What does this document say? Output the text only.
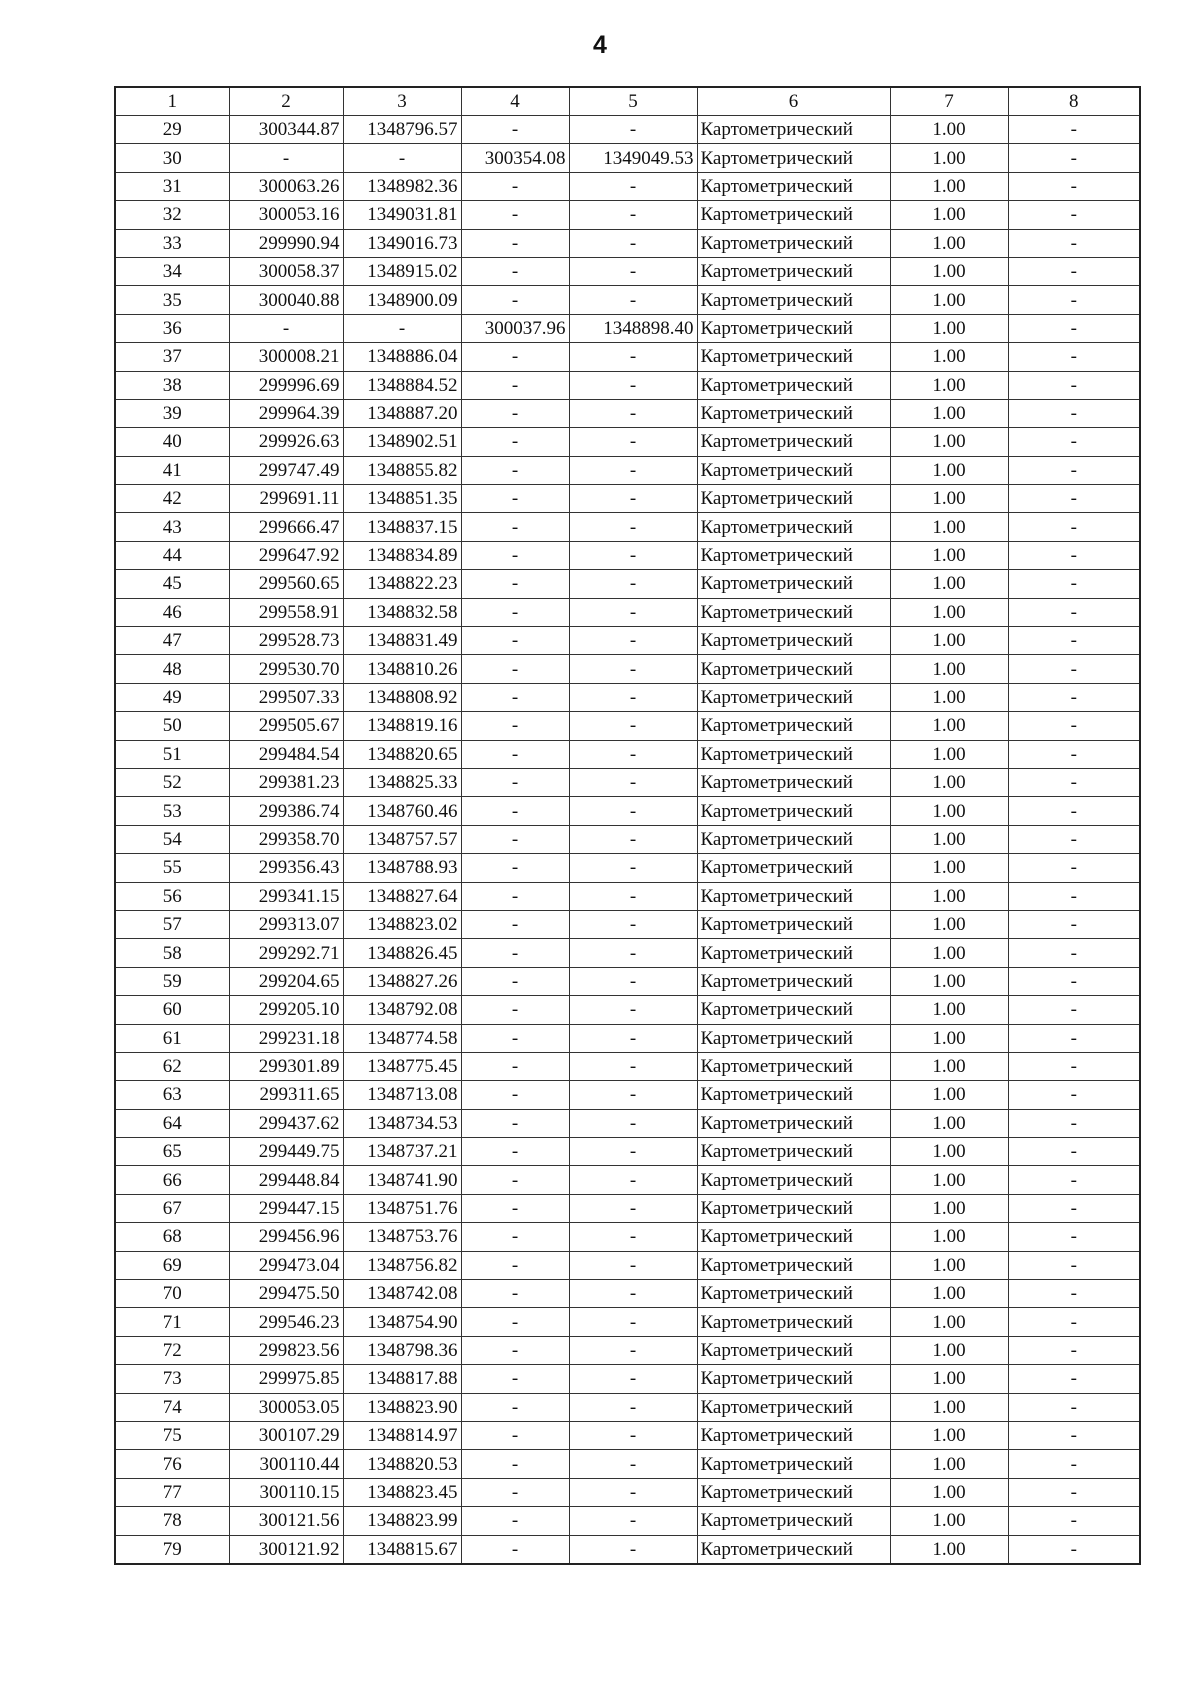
4
1	2	3	4	5	6	7	8
29	300344.87	1348796.57	-	-	Картометрический	1.00	-
30	-	-	300354.08	1349049.53	Картометрический	1.00	-
31	300063.26	1348982.36	-	-	Картометрический	1.00	-
32	300053.16	1349031.81	-	-	Картометрический	1.00	-
33	299990.94	1349016.73	-	-	Картометрический	1.00	-
34	300058.37	1348915.02	-	-	Картометрический	1.00	-
35	300040.88	1348900.09	-	-	Картометрический	1.00	-
36	-	-	300037.96	1348898.40	Картометрический	1.00	-
37	300008.21	1348886.04	-	-	Картометрический	1.00	-
38	299996.69	1348884.52	-	-	Картометрический	1.00	-
39	299964.39	1348887.20	-	-	Картометрический	1.00	-
40	299926.63	1348902.51	-	-	Картометрический	1.00	-
41	299747.49	1348855.82	-	-	Картометрический	1.00	-
42	299691.11	1348851.35	-	-	Картометрический	1.00	-
43	299666.47	1348837.15	-	-	Картометрический	1.00	-
44	299647.92	1348834.89	-	-	Картометрический	1.00	-
45	299560.65	1348822.23	-	-	Картометрический	1.00	-
46	299558.91	1348832.58	-	-	Картометрический	1.00	-
47	299528.73	1348831.49	-	-	Картометрический	1.00	-
48	299530.70	1348810.26	-	-	Картометрический	1.00	-
49	299507.33	1348808.92	-	-	Картометрический	1.00	-
50	299505.67	1348819.16	-	-	Картометрический	1.00	-
51	299484.54	1348820.65	-	-	Картометрический	1.00	-
52	299381.23	1348825.33	-	-	Картометрический	1.00	-
53	299386.74	1348760.46	-	-	Картометрический	1.00	-
54	299358.70	1348757.57	-	-	Картометрический	1.00	-
55	299356.43	1348788.93	-	-	Картометрический	1.00	-
56	299341.15	1348827.64	-	-	Картометрический	1.00	-
57	299313.07	1348823.02	-	-	Картометрический	1.00	-
58	299292.71	1348826.45	-	-	Картометрический	1.00	-
59	299204.65	1348827.26	-	-	Картометрический	1.00	-
60	299205.10	1348792.08	-	-	Картометрический	1.00	-
61	299231.18	1348774.58	-	-	Картометрический	1.00	-
62	299301.89	1348775.45	-	-	Картометрический	1.00	-
63	299311.65	1348713.08	-	-	Картометрический	1.00	-
64	299437.62	1348734.53	-	-	Картометрический	1.00	-
65	299449.75	1348737.21	-	-	Картометрический	1.00	-
66	299448.84	1348741.90	-	-	Картометрический	1.00	-
67	299447.15	1348751.76	-	-	Картометрический	1.00	-
68	299456.96	1348753.76	-	-	Картометрический	1.00	-
69	299473.04	1348756.82	-	-	Картометрический	1.00	-
70	299475.50	1348742.08	-	-	Картометрический	1.00	-
71	299546.23	1348754.90	-	-	Картометрический	1.00	-
72	299823.56	1348798.36	-	-	Картометрический	1.00	-
73	299975.85	1348817.88	-	-	Картометрический	1.00	-
74	300053.05	1348823.90	-	-	Картометрический	1.00	-
75	300107.29	1348814.97	-	-	Картометрический	1.00	-
76	300110.44	1348820.53	-	-	Картометрический	1.00	-
77	300110.15	1348823.45	-	-	Картометрический	1.00	-
78	300121.56	1348823.99	-	-	Картометрический	1.00	-
79	300121.92	1348815.67	-	-	Картометрический	1.00	-
